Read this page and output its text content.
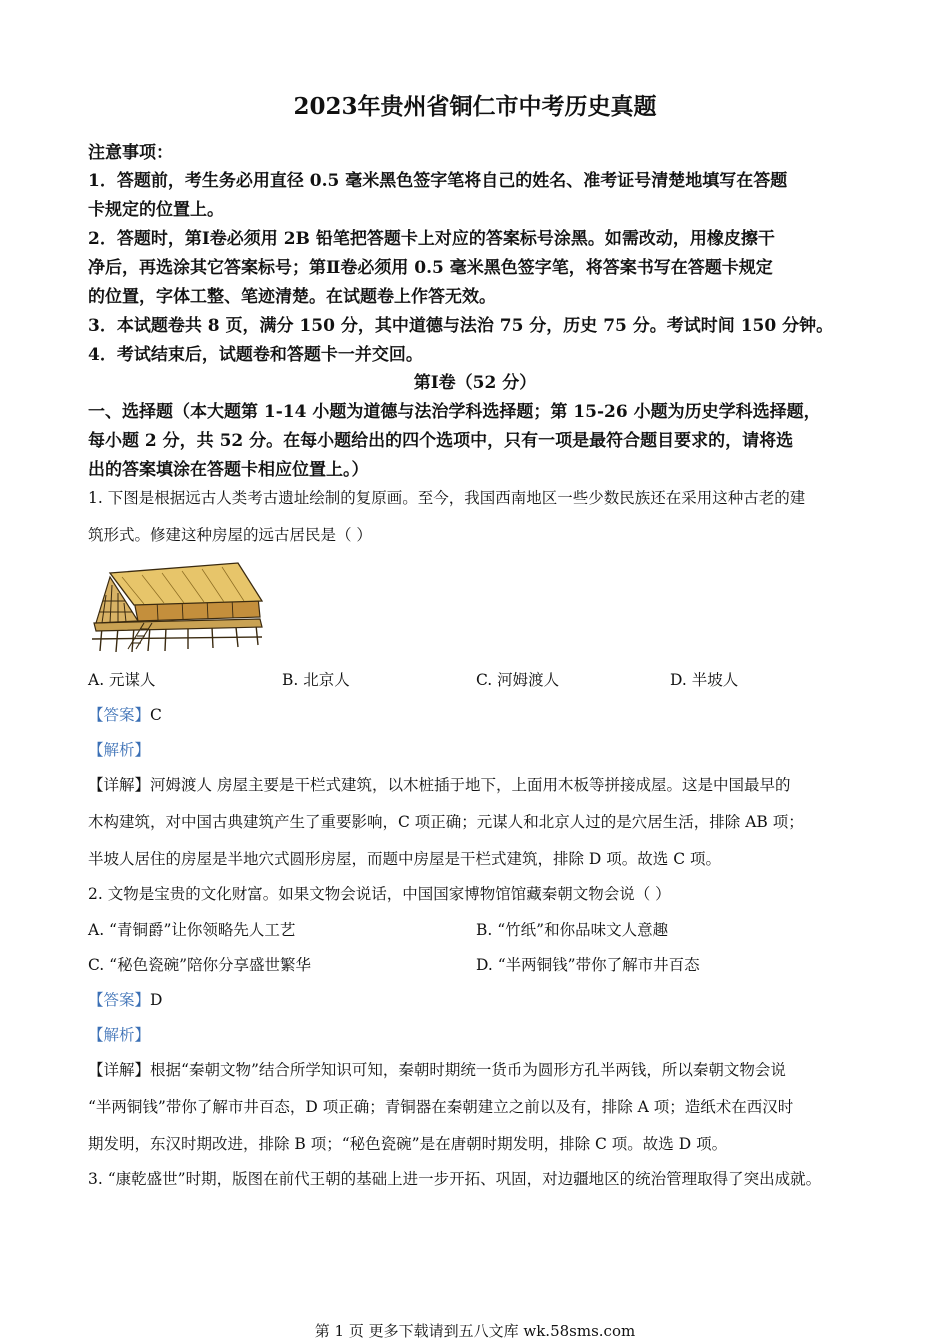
2023年贵州省铜仁市中考历史真题
注意事项：
1．答题前，考生务必用直径 0.5 毫米黑色签字笔将自己的姓名、准考证号清楚地填写在答题
卡规定的位置上。
2．答题时，第Ⅰ卷必须用 2B 铅笔把答题卡上对应的答案标号涂黑。如需改动，用橡皮擦干
净后，再选涂其它答案标号；第Ⅱ卷必须用 0.5 毫米黑色签字笔，将答案书写在答题卡规定
的位置，字体工整、笔迹清楚。在试题卷上作答无效。
3．本试题卷共 8 页，满分 150 分，其中道德与法治 75 分，历史 75 分。考试时间 150 分钟。
4．考试结束后，试题卷和答题卡一并交回。
第Ⅰ卷（52 分）
一、选择题（本大题第 1-14 小题为道德与法治学科选择题；第 15-26 小题为历史学科选择题，
每小题 2 分，共 52 分。在每小题给出的四个选项中，只有一项是最符合题目要求的，请将选
出的答案填涂在答题卡相应位置上。）
1. 下图是根据远古人类考古遗址绘制的复原画。至今，我国西南地区一些少数民族还在采用这种古老的建
筑形式。修建这种房屋的远古居民是（ ）
A. 元谋人	B. 北京人	C. 河姆渡人	D. 半坡人
【答案】C
【解析】
【详解】河姆渡人 房屋主要是干栏式建筑，以木桩插于地下，上面用木板等拼接成屋。这是中国最早的
木构建筑，对中国古典建筑产生了重要影响，C 项正确；元谋人和北京人过的是穴居生活，排除 AB 项；
半坡人居住的房屋是半地穴式圆形房屋，而题中房屋是干栏式建筑，排除 D 项。故选 C 项。
2. 文物是宝贵的文化财富。如果文物会说话，中国国家博物馆馆藏秦朝文物会说（ ）
A. “青铜爵”让你领略先人工艺	B. “竹纸”和你品味文人意趣
C. “秘色瓷碗”陪你分享盛世繁华	D. “半两铜钱”带你了解市井百态
【答案】D
【解析】
【详解】根据“秦朝文物”结合所学知识可知，秦朝时期统一货币为圆形方孔半两钱，所以秦朝文物会说
“半两铜钱”带你了解市井百态，D 项正确；青铜器在秦朝建立之前以及有，排除 A 项；造纸术在西汉时
期发明，东汉时期改进，排除 B 项；“秘色瓷碗”是在唐朝时期发明，排除 C 项。故选 D 项。
3. “康乾盛世”时期，版图在前代王朝的基础上进一步开拓、巩固，对边疆地区的统治管理取得了突出成就。
第 1 页 更多下载请到五八文库 wk.58sms.com
